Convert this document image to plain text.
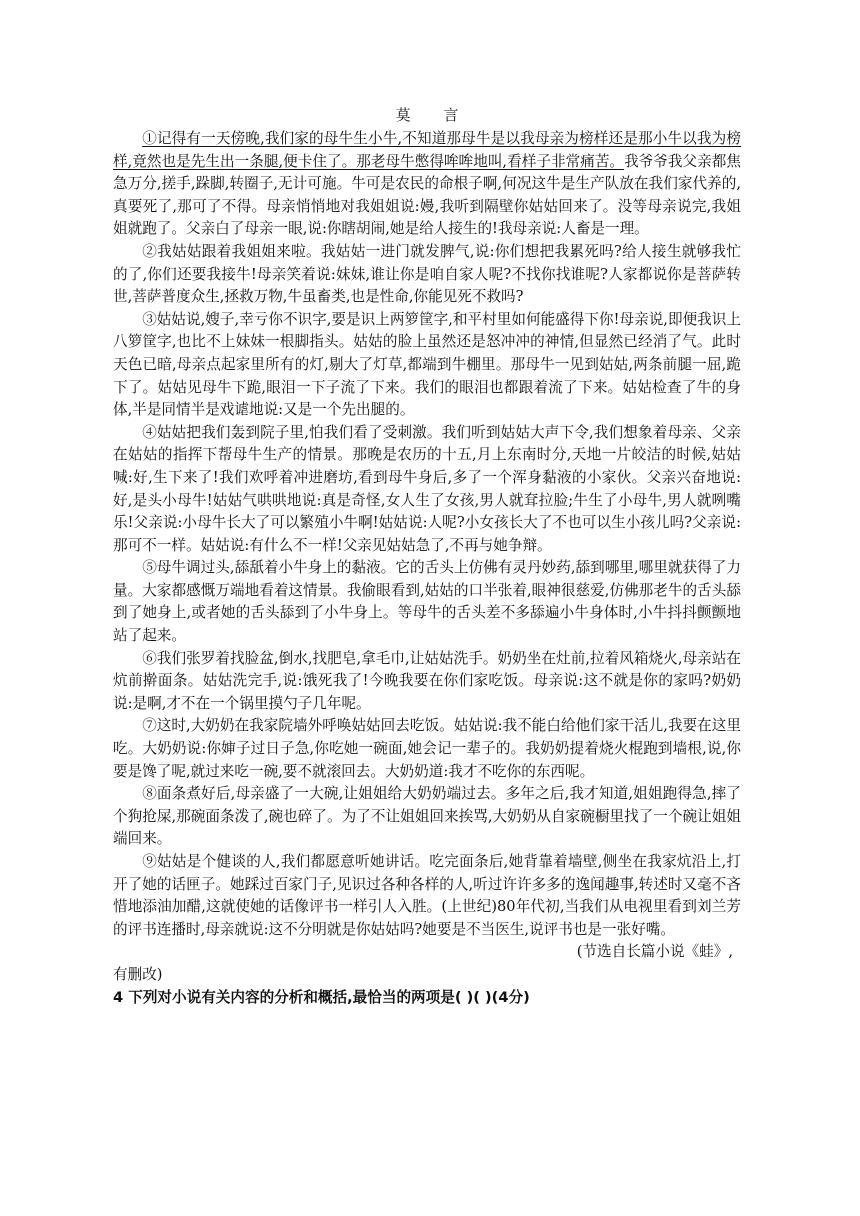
莫 言

①记得有一天傍晚,我们家的母牛生小牛,不知道那母牛是以我母亲为榜样还是那小牛以我为榜样,竟然也是先生出一条腿,便卡住了。那老母牛憋得哞哞地叫,看样子非常痛苦。我爷爷我父亲都焦急万分,搓手,跺脚,转圈子,无计可施。牛可是农民的命根子啊,何况这牛是生产队放在我们家代养的,真要死了,那可了不得。母亲悄悄地对我姐姐说:嫚,我听到隔壁你姑姑回来了。没等母亲说完,我姐姐就跑了。父亲白了母亲一眼,说:你瞎胡闹,她是给人接生的!我母亲说:人畜是一理。

②我姑姑跟着我姐姐来啦。我姑姑一进门就发脾气,说:你们想把我累死吗?给人接生就够我忙的了,你们还要我接牛!母亲笑着说:妹妹,谁让你是咱自家人呢?不找你找谁呢?人家都说你是菩萨转世,菩萨普度众生,拯救万物,牛虽畜类,也是性命,你能见死不救吗?

③姑姑说,嫂子,幸亏你不识字,要是识上两箩筐字,和平村里如何能盛得下你!母亲说,即便我识上八箩筐字,也比不上妹妹一根脚指头。姑姑的脸上虽然还是怒冲冲的神情,但显然已经消了气。此时天色已暗,母亲点起家里所有的灯,剔大了灯草,都端到牛棚里。那母牛一见到姑姑,两条前腿一屈,跪下了。姑姑见母牛下跪,眼泪一下子流了下来。我们的眼泪也都跟着流了下来。姑姑检查了牛的身体,半是同情半是戏谑地说:又是一个先出腿的。

④姑姑把我们轰到院子里,怕我们看了受刺激。我们听到姑姑大声下令,我们想象着母亲、父亲在姑姑的指挥下帮母牛生产的情景。那晚是农历的十五,月上东南时分,天地一片皎洁的时候,姑姑喊:好,生下来了!我们欢呼着冲进磨坊,看到母牛身后,多了一个浑身黏液的小家伙。父亲兴奋地说:好,是头小母牛!姑姑气哄哄地说:真是奇怪,女人生了女孩,男人就耷拉脸;牛生了小母牛,男人就咧嘴乐!父亲说:小母牛长大了可以繁殖小牛啊!姑姑说:人呢?小女孩长大了不也可以生小孩儿吗?父亲说:那可不一样。姑姑说:有什么不一样!父亲见姑姑急了,不再与她争辩。

⑤母牛调过头,舔舐着小牛身上的黏液。它的舌头上仿佛有灵丹妙药,舔到哪里,哪里就获得了力量。大家都感慨万端地看着这情景。我偷眼看到,姑姑的口半张着,眼神很慈爱,仿佛那老牛的舌头舔到了她身上,或者她的舌头舔到了小牛身上。等母牛的舌头差不多舔遍小牛身体时,小牛抖抖颤颤地站了起来。

⑥我们张罗着找脸盆,倒水,找肥皂,拿毛巾,让姑姑洗手。奶奶坐在灶前,拉着风箱烧火,母亲站在炕前擀面条。姑姑洗完手,说:饿死我了!今晚我要在你们家吃饭。母亲说:这不就是你的家吗?奶奶说:是啊,才不在一个锅里摸勺子几年呢。

⑦这时,大奶奶在我家院墙外呼唤姑姑回去吃饭。姑姑说:我不能白给他们家干活儿,我要在这里吃。大奶奶说:你婶子过日子急,你吃她一碗面,她会记一辈子的。我奶奶提着烧火棍跑到墙根,说,你要是馋了呢,就过来吃一碗,要不就滚回去。大奶奶道:我才不吃你的东西呢。

⑧面条煮好后,母亲盛了一大碗,让姐姐给大奶奶端过去。多年之后,我才知道,姐姐跑得急,摔了个狗抢屎,那碗面条泼了,碗也碎了。为了不让姐姐回来挨骂,大奶奶从自家碗橱里找了一个碗让姐姐端回来。

⑨姑姑是个健谈的人,我们都愿意听她讲话。吃完面条后,她背靠着墙壁,侧坐在我家炕沿上,打开了她的话匣子。她踩过百家门子,见识过各种各样的人,听过许许多多的逸闻趣事,转述时又毫不吝惜地添油加醋,这就使她的话像评书一样引人入胜。(上世纪)80年代初,当我们从电视里看到刘兰芳的评书连播时,母亲就说:这不分明就是你姑姑吗?她要是不当医生,说评书也是一张好嘴。

(节选自长篇小说《蛙》,

有删改)

4 下列对小说有关内容的分析和概括,最恰当的两项是( )( )(4分)
